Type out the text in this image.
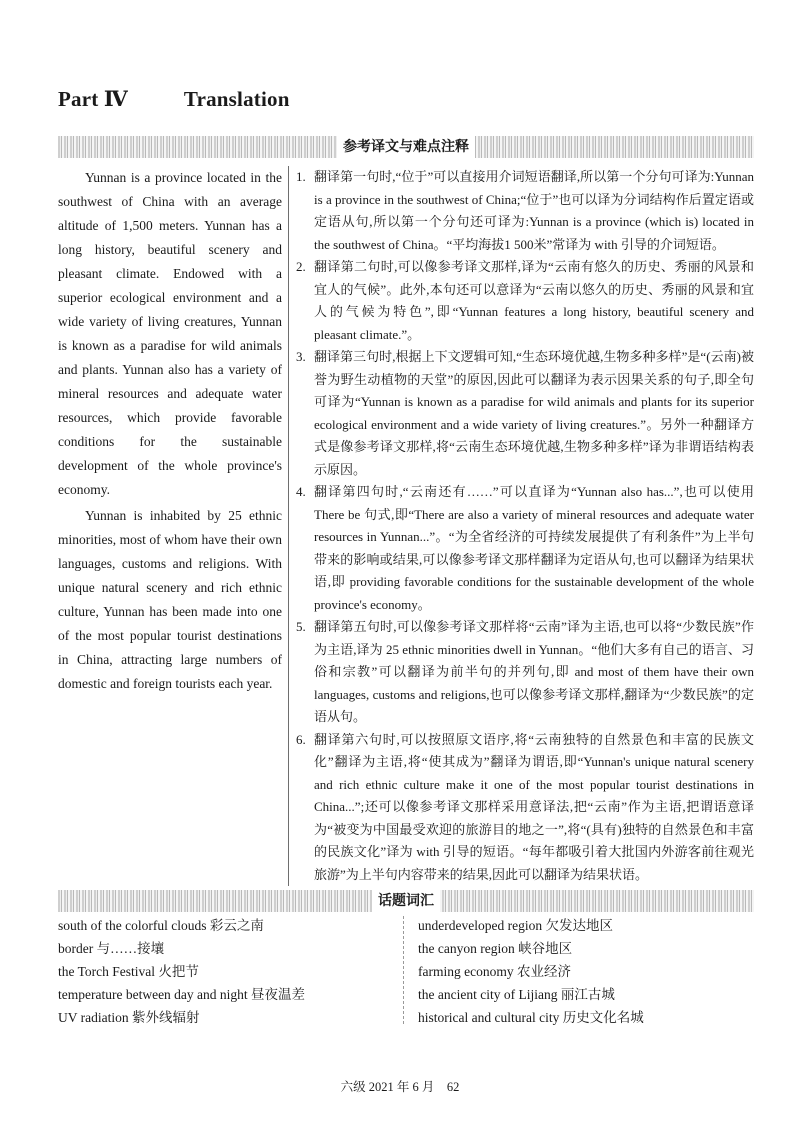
Part Ⅳ	Translation
参考译文与难点注释

Yunnan is a province located in the southwest of China with an average altitude of 1,500 meters. Yunnan has a long history, beautiful scenery and pleasant climate. Endowed with a superior ecological environment and a wide variety of living creatures, Yunnan is known as a paradise for wild animals and plants. Yunnan also has a variety of mineral resources and adequate water resources, which provide favorable conditions for the sustainable development of the whole province's economy.

Yunnan is inhabited by 25 ethnic minorities, most of whom have their own languages, customs and religions. With unique natural scenery and rich ethnic culture, Yunnan has been made into one of the most popular tourist destinations in China, attracting large numbers of domestic and foreign tourists each year.

1. 翻译第一句时,“位于”可以直接用介词短语翻译,所以第一个分句可译为:Yunnan is a province in the southwest of China;“位于”也可以译为分词结构作后置定语或定语从句,所以第一个分句还可译为:Yunnan is a province (which is) located in the southwest of China。“平均海拔1 500米”常译为 with 引导的介词短语。
2. 翻译第二句时,可以像参考译文那样,译为“云南有悠久的历史、秀丽的风景和宜人的气候”。此外,本句还可以意译为“云南以悠久的历史、秀丽的风景和宜人的气候为特色”,即“Yunnan features a long history, beautiful scenery and pleasant climate.”。
3. 翻译第三句时,根据上下文逻辑可知,“生态环境优越,生物多种多样”是“(云南)被誉为野生动植物的天堂”的原因,因此可以翻译为表示因果关系的句子,即全句可译为“Yunnan is known as a paradise for wild animals and plants for its superior ecological environment and a wide variety of living creatures.”。另外一种翻译方式是像参考译文那样,将“云南生态环境优越,生物多种多样”译为非谓语结构表示原因。
4. 翻译第四句时,“云南还有……”可以直译为“Yunnan also has...”,也可以使用 There be 句式,即“There are also a variety of mineral resources and adequate water resources in Yunnan...”。“为全省经济的可持续发展提供了有利条件”为上半句带来的影响或结果,可以像参考译文那样翻译为定语从句,也可以翻译为结果状语,即 providing favorable conditions for the sustainable development of the whole province's economy。
5. 翻译第五句时,可以像参考译文那样将“云南”译为主语,也可以将“少数民族”作为主语,译为 25 ethnic minorities dwell in Yunnan。“他们大多有自己的语言、习俗和宗教”可以翻译为前半句的并列句,即 and most of them have their own languages, customs and religions,也可以像参考译文那样,翻译为“少数民族”的定语从句。
6. 翻译第六句时,可以按照原文语序,将“云南独特的自然景色和丰富的民族文化”翻译为主语,将“使其成为”翻译为谓语,即“Yunnan's unique natural scenery and rich ethnic culture make it one of the most popular tourist destinations in China...”;还可以像参考译文那样采用意译法,把“云南”作为主语,把谓语意译为“被变为中国最受欢迎的旅游目的地之一”,将“(具有)独特的自然景色和丰富的民族文化”译为 with 引导的短语。“每年都吸引着大批国内外游客前往观光旅游”为上半句内容带来的结果,因此可以翻译为结果状语。
话题词汇
south of the colorful clouds 彩云之南
border 与……接壤
the Torch Festival 火把节
temperature between day and night 昼夜温差
UV radiation 紫外线辐射
underdeveloped region 欠发达地区
the canyon region 峡谷地区
farming economy 农业经济
the ancient city of Lijiang 丽江古城
historical and cultural city 历史文化名城
六级 2021 年 6 月　62
